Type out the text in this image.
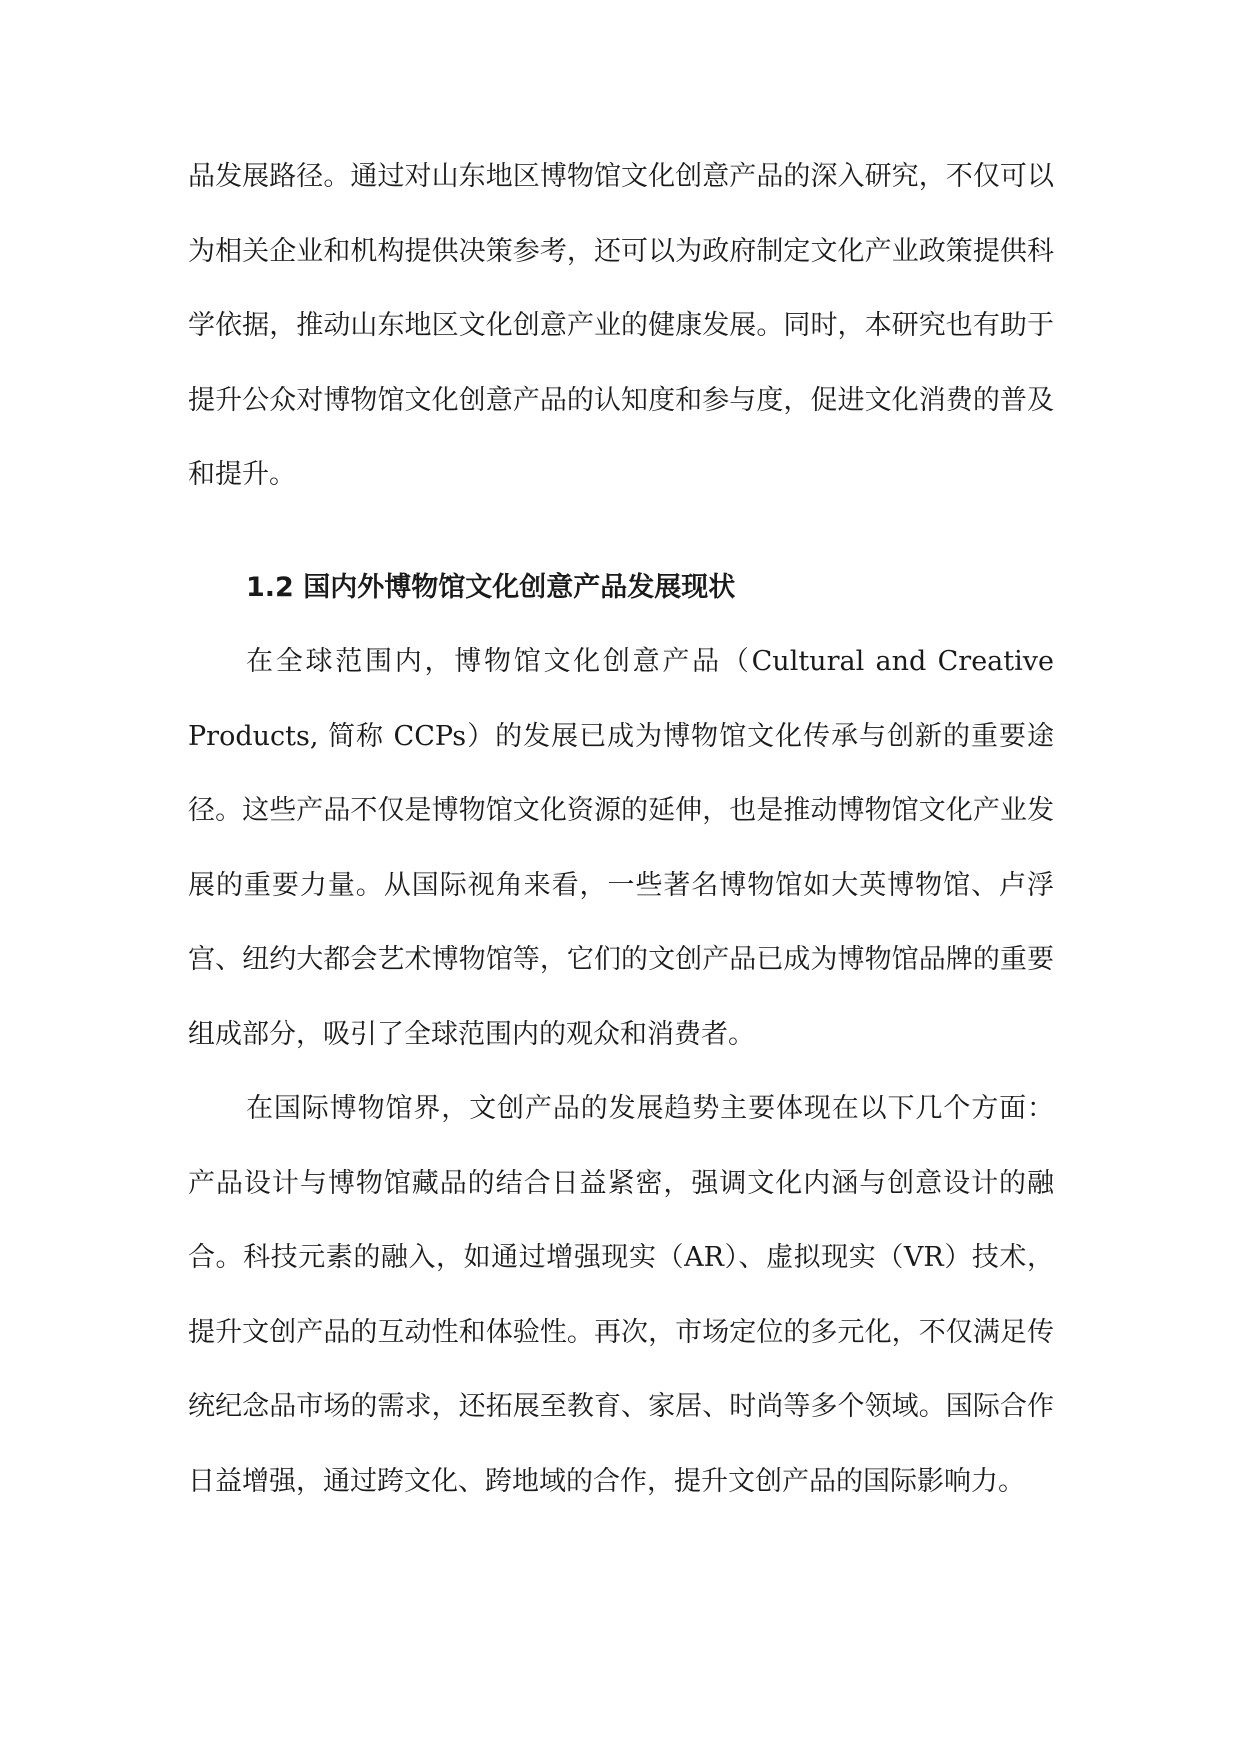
品发展路径。通过对山东地区博物馆文化创意产品的深入研究，不仅可以为相关企业和机构提供决策参考，还可以为政府制定文化产业政策提供科学依据，推动山东地区文化创意产业的健康发展。同时，本研究也有助于提升公众对博物馆文化创意产品的认知度和参与度，促进文化消费的普及和提升。

1.2 国内外博物馆文化创意产品发展现状

在全球范围内，博物馆文化创意产品（Cultural and Creative Products, 简称 CCPs）的发展已成为博物馆文化传承与创新的重要途径。这些产品不仅是博物馆文化资源的延伸，也是推动博物馆文化产业发展的重要力量。从国际视角来看，一些著名博物馆如大英博物馆、卢浮宫、纽约大都会艺术博物馆等，它们的文创产品已成为博物馆品牌的重要组成部分，吸引了全球范围内的观众和消费者。

在国际博物馆界，文创产品的发展趋势主要体现在以下几个方面：产品设计与博物馆藏品的结合日益紧密，强调文化内涵与创意设计的融合。科技元素的融入，如通过增强现实（AR）、虚拟现实（VR）技术，提升文创产品的互动性和体验性。再次，市场定位的多元化，不仅满足传统纪念品市场的需求，还拓展至教育、家居、时尚等多个领域。国际合作日益增强，通过跨文化、跨地域的合作，提升文创产品的国际影响力。
